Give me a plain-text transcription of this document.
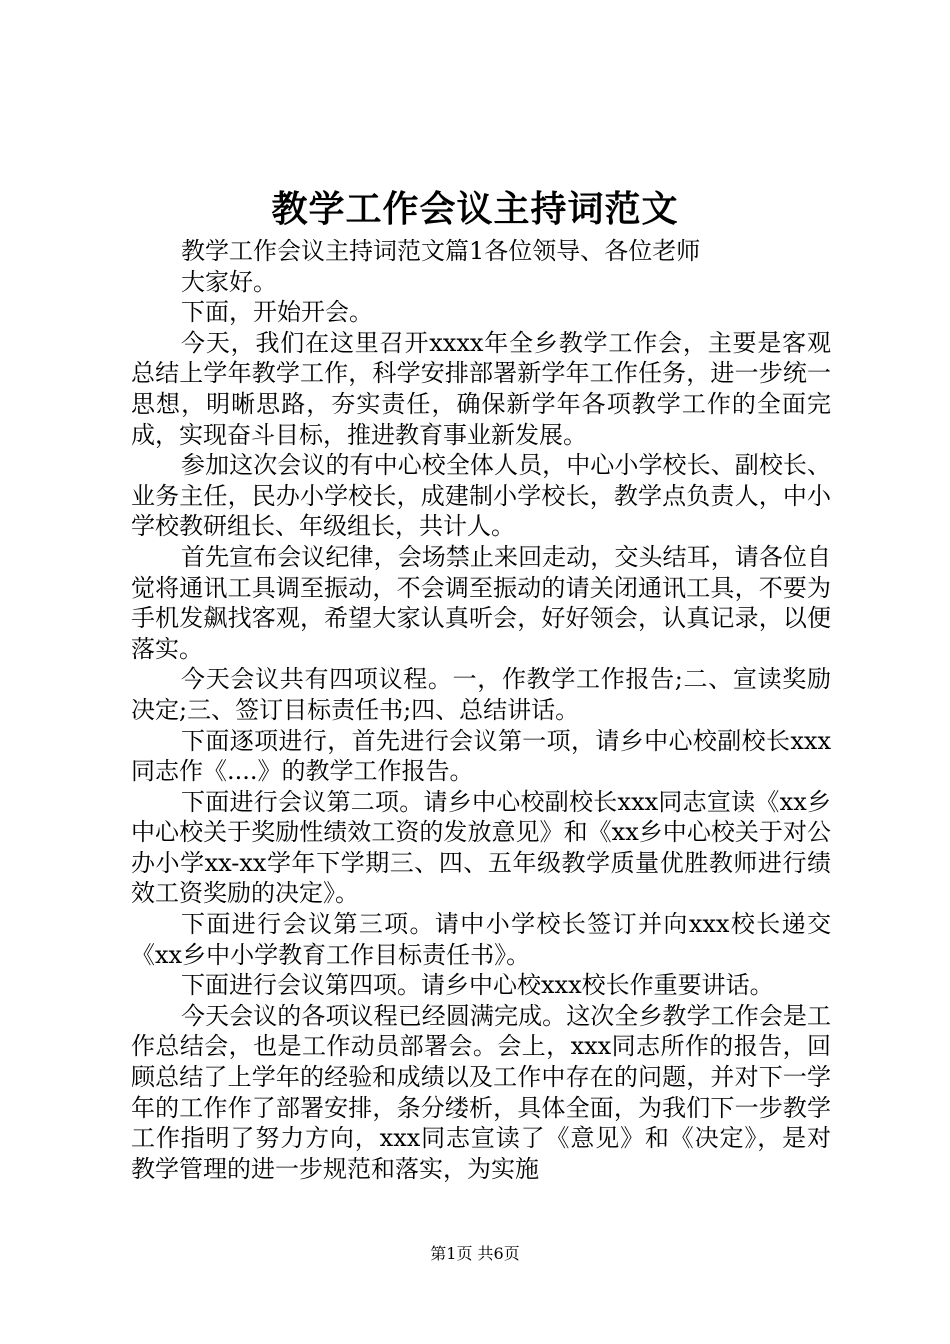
教学工作会议主持词范文

教学工作会议主持词范文篇1各位领导、各位老师

大家好。

下面，开始开会。

今天，我们在这里召开xxxx年全乡教学工作会，主要是客观总结上学年教学工作，科学安排部署新学年工作任务，进一步统一思想，明晰思路，夯实责任，确保新学年各项教学工作的全面完成，实现奋斗目标，推进教育事业新发展。

参加这次会议的有中心校全体人员，中心小学校长、副校长、业务主任，民办小学校长，成建制小学校长，教学点负责人，中小学校教研组长、年级组长，共计人。

首先宣布会议纪律，会场禁止来回走动，交头结耳，请各位自觉将通讯工具调至振动，不会调至振动的请关闭通讯工具，不要为手机发飙找客观，希望大家认真听会，好好领会，认真记录，以便落实。

今天会议共有四项议程。一，作教学工作报告;二、宣读奖励决定;三、签订目标责任书;四、总结讲话。

下面逐项进行，首先进行会议第一项，请乡中心校副校长xxx同志作《....》的教学工作报告。

下面进行会议第二项。请乡中心校副校长xxx同志宣读《xx乡中心校关于奖励性绩效工资的发放意见》和《xx乡中心校关于对公办小学xx-xx学年下学期三、四、五年级教学质量优胜教师进行绩效工资奖励的决定》。

下面进行会议第三项。请中小学校长签订并向xxx校长递交《xx乡中小学教育工作目标责任书》。

下面进行会议第四项。请乡中心校xxx校长作重要讲话。

今天会议的各项议程已经圆满完成。这次全乡教学工作会是工作总结会，也是工作动员部署会。会上，xxx同志所作的报告，回顾总结了上学年的经验和成绩以及工作中存在的问题，并对下一学年的工作作了部署安排，条分缕析，具体全面，为我们下一步教学工作指明了努力方向，xxx同志宣读了《意见》和《决定》，是对教学管理的进一步规范和落实，为实施

第1页 共6页
